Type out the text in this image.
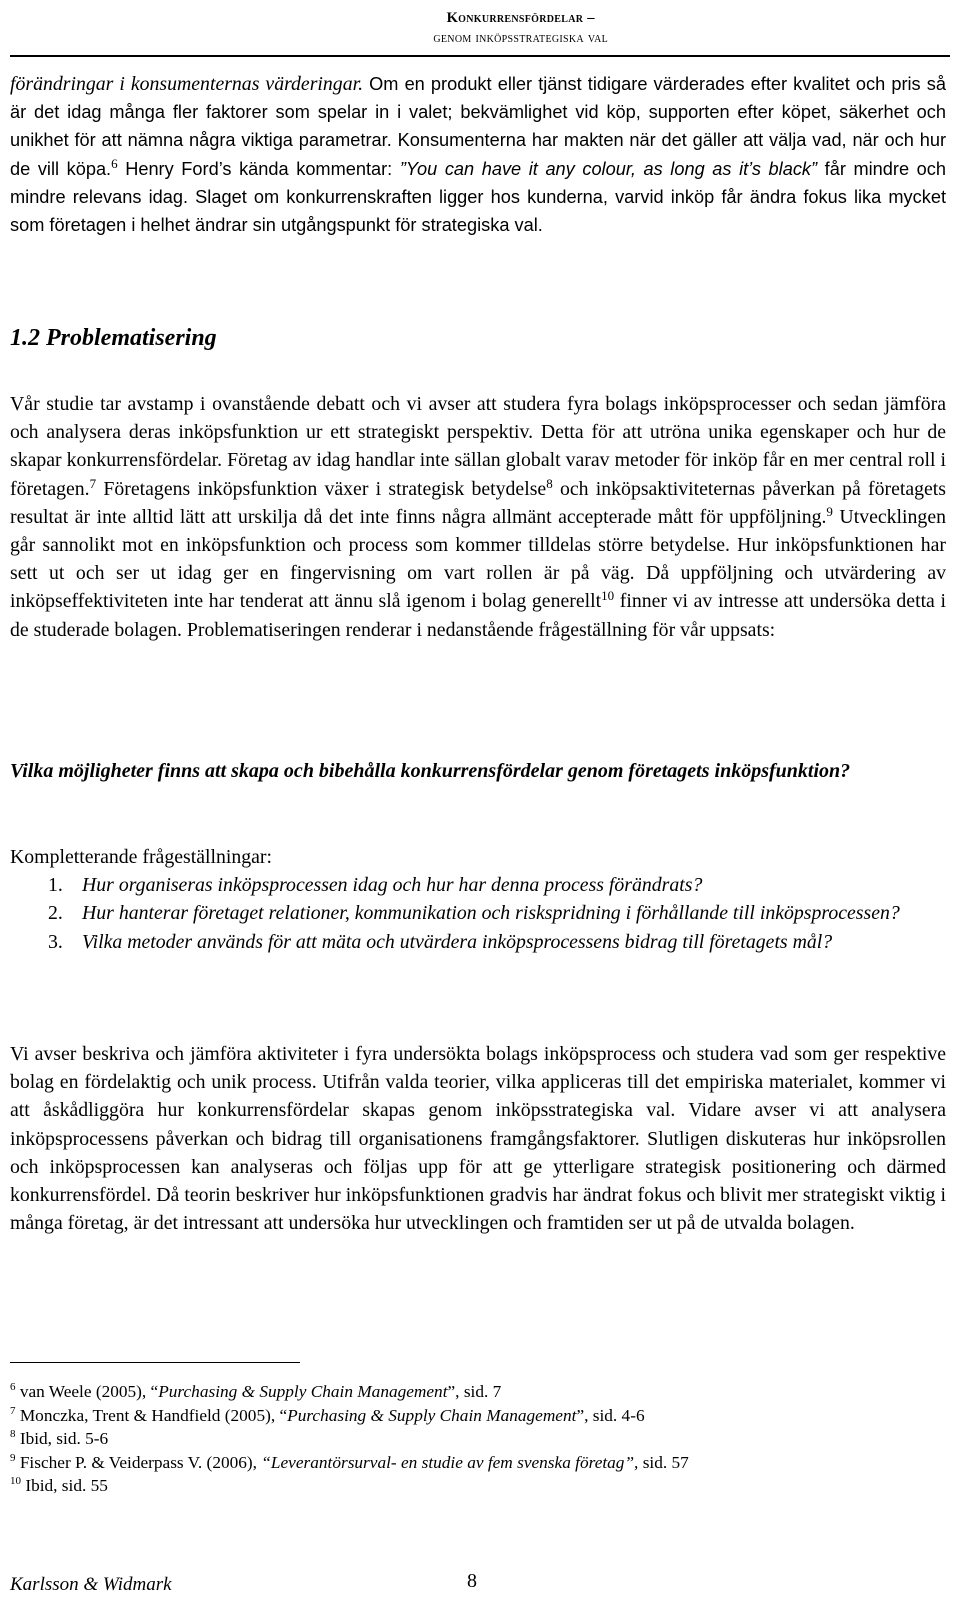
Konkurrensfördelar –
genom inköpsstrategiska val

förändringar i konsumenternas värderingar. Om en produkt eller tjänst tidigare värderades efter kvalitet och pris så är det idag många fler faktorer som spelar in i valet; bekvämlighet vid köp, supporten efter köpet, säkerhet och unikhet för att nämna några viktiga parametrar. Konsumenterna har makten när det gäller att välja vad, när och hur de vill köpa.$^6$ Henry Ford’s kända kommentar: ”You can have it any colour, as long as it’s black” får mindre och mindre relevans idag. Slaget om konkurrenskraften ligger hos kunderna, varvid inköp får ändra fokus lika mycket som företagen i helhet ändrar sin utgångspunkt för strategiska val.

1.2 Problematisering

Vår studie tar avstamp i ovanstående debatt och vi avser att studera fyra bolags inköpsprocesser och sedan jämföra och analysera deras inköpsfunktion ur ett strategiskt perspektiv. Detta för att utröna unika egenskaper och hur de skapar konkurrensfördelar. Företag av idag handlar inte sällan globalt varav metoder för inköp får en mer central roll i företagen.$^7$ Företagens inköpsfunktion växer i strategisk betydelse$^8$ och inköpsaktiviteternas påverkan på företagets resultat är inte alltid lätt att urskilja då det inte finns några allmänt accepterade mått för uppföljning.$^9$ Utvecklingen går sannolikt mot en inköpsfunktion och process som kommer tilldelas större betydelse. Hur inköpsfunktionen har sett ut och ser ut idag ger en fingervisning om vart rollen är på väg. Då uppföljning och utvärdering av inköpseffektiviteten inte har tenderat att ännu slå igenom i bolag generellt$^{10}$ finner vi av intresse att undersöka detta i de studerade bolagen. Problematiseringen renderar i nedanstående frågeställning för vår uppsats:

Vilka möjligheter finns att skapa och bibehålla konkurrensfördelar genom företagets inköpsfunktion?

Kompletterande frågeställningar:
1. Hur organiseras inköpsprocessen idag och hur har denna process förändrats?
2. Hur hanterar företaget relationer, kommunikation och riskspridning i förhållande till inköpsprocessen?
3. Vilka metoder används för att mäta och utvärdera inköpsprocessens bidrag till företagets mål?

Vi avser beskriva och jämföra aktiviteter i fyra undersökta bolags inköpsprocess och studera vad som ger respektive bolag en fördelaktig och unik process. Utifrån valda teorier, vilka appliceras till det empiriska materialet, kommer vi att åskådliggöra hur konkurrensfördelar skapas genom inköpsstrategiska val. Vidare avser vi att analysera inköpsprocessens påverkan och bidrag till organisationens framgångsfaktorer. Slutligen diskuteras hur inköpsrollen och inköpsprocessen kan analyseras och följas upp för att ge ytterligare strategisk positionering och därmed konkurrensfördel. Då teorin beskriver hur inköpsfunktionen gradvis har ändrat fokus och blivit mer strategiskt viktig i många företag, är det intressant att undersöka hur utvecklingen och framtiden ser ut på de utvalda bolagen.

$^6$ van Weele (2005), “Purchasing & Supply Chain Management”, sid. 7
$^7$ Monczka, Trent & Handfield (2005), “Purchasing & Supply Chain Management”, sid. 4-6
$^8$ Ibid, sid. 5-6
$^9$ Fischer P. & Veiderpass V. (2006), “Leverantörsurval- en studie av fem svenska företag”, sid. 57
$^{10}$ Ibid, sid. 55
Karlsson & Widmark	8
